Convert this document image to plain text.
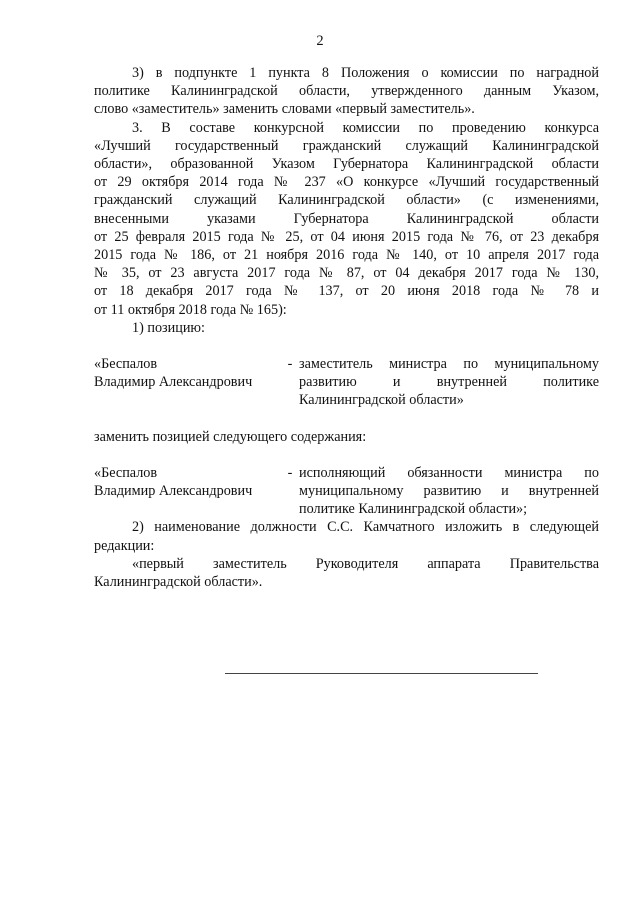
2

3) в подпункте 1 пункта 8 Положения о комиссии по наградной
политике Калининградской области, утвержденного данным Указом,
слово «заместитель» заменить словами «первый заместитель».

3. В составе конкурсной комиссии по проведению конкурса
«Лучший государственный гражданский служащий Калининградской
области», образованной Указом Губернатора Калининградской области
от 29 октября 2014 года № 237 «О конкурсе «Лучший государственный
гражданский служащий Калининградской области» (с изменениями,
внесенными указами Губернатора Калининградской области
от 25 февраля 2015 года № 25, от 04 июня 2015 года № 76, от 23 декабря
2015 года № 186, от 21 ноября 2016 года № 140, от 10 апреля 2017 года
№ 35, от 23 августа 2017 года № 87, от 04 декабря 2017 года № 130,
от 18 декабря 2017 года № 137, от 20 июня 2018 года № 78 и
от 11 октября 2018 года № 165):

1) позицию:

«Беспалов
Владимир Александрович
- заместитель министра по муниципальному
развитию и внутренней политике
Калининградской области»

заменить позицией следующего содержания:

«Беспалов
Владимир Александрович
- исполняющий обязанности министра по
муниципальному развитию и внутренней
политике Калининградской области»;

2) наименование должности С.С. Камчатного изложить в следующей
редакции:

«первый заместитель Руководителя аппарата Правительства
Калининградской области».
